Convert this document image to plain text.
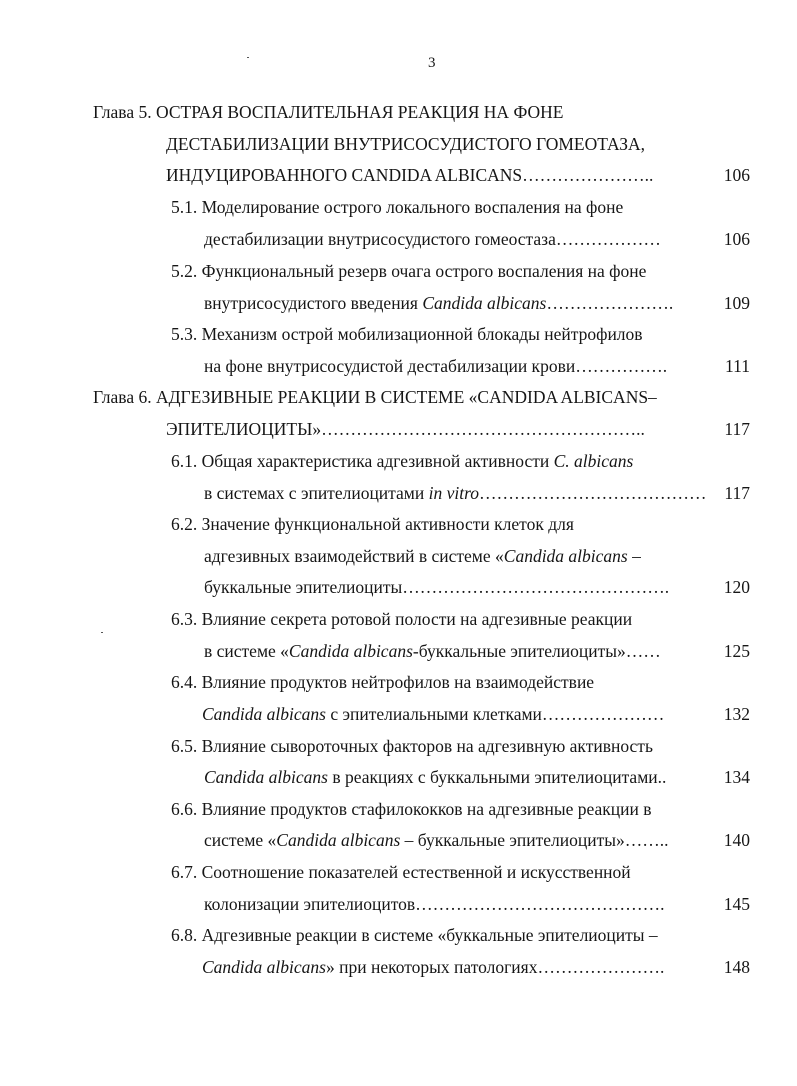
3
Глава 5. ОСТРАЯ ВОСПАЛИТЕЛЬНАЯ РЕАКЦИЯ НА ФОНЕ
ДЕСТАБИЛИЗАЦИИ ВНУТРИСОСУДИСТОГО ГОМЕОТАЗА,
ИНДУЦИРОВАННОГО CANDIDA ALBICANS…………………..	106
5.1. Моделирование острого локального воспаления на фоне
дестабилизации внутрисосудистого гомеостаза………………	106
5.2. Функциональный резерв очага острого воспаления на фоне
внутрисосудистого введения Candida albicans………………….	109
5.3. Механизм острой мобилизационной блокады нейтрофилов
на фоне внутрисосудистой дестабилизации крови…………….	111
Глава 6. АДГЕЗИВНЫЕ РЕАКЦИИ В СИСТЕМЕ «CANDIDA ALBICANS–
ЭПИТЕЛИОЦИТЫ»………………………………………………..	117
6.1. Общая характеристика адгезивной активности C. albicans
в системах с эпителиоцитами in vitro…………………………………	117
6.2. Значение функциональной активности клеток для
адгезивных взаимодействий в системе «Candida albicans –
буккальные эпителиоциты……………………………………….	120
6.3. Влияние секрета ротовой полости на адгезивные реакции
в системе «Candida albicans-буккальные эпителиоциты»……	125
6.4. Влияние продуктов нейтрофилов на взаимодействие
Candida albicans с эпителиальными клетками…………………	132
6.5. Влияние сывороточных факторов на адгезивную активность
Candida albicans в реакциях с буккальными эпителиоцитами..	134
6.6. Влияние продуктов стафилококков на адгезивные реакции в
системе «Candida albicans – буккальные эпителиоциты»……..	140
6.7. Соотношение показателей естественной и искусственной
колонизации эпителиоцитов…………………………………….	145
6.8. Адгезивные реакции в системе «буккальные эпителиоциты –
Candida albicans» при некоторых патологиях………………….	148
